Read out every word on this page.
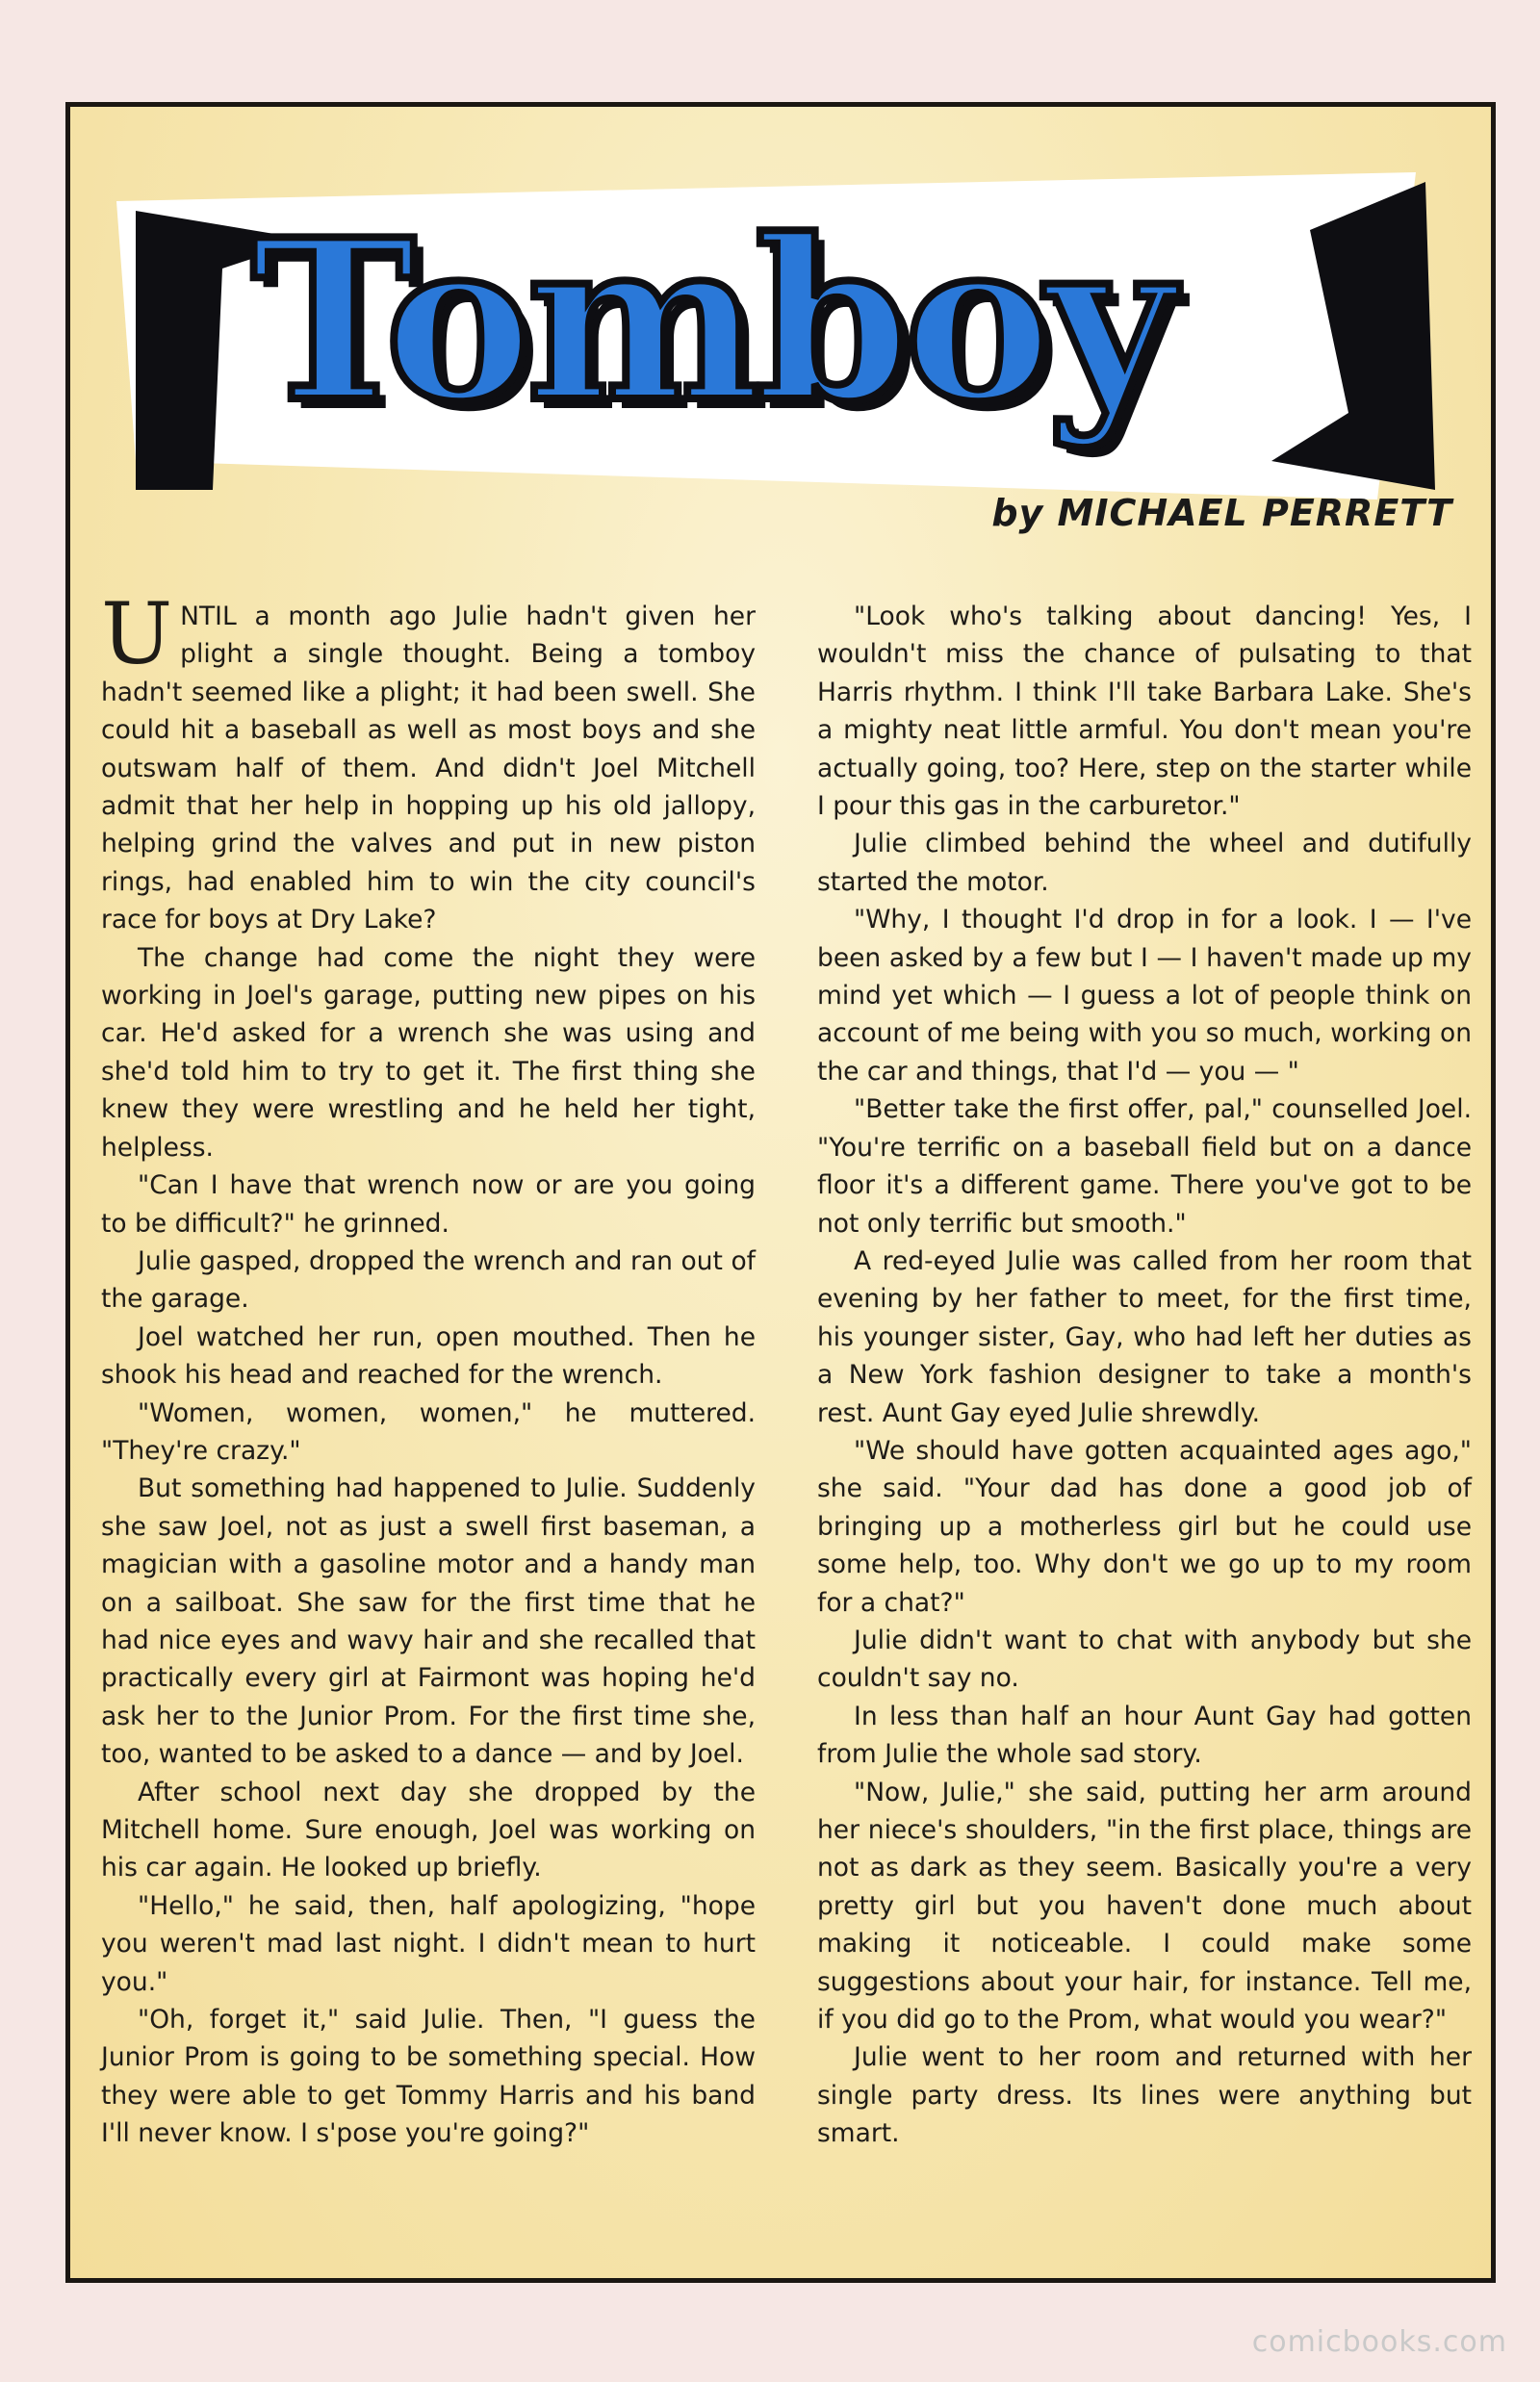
Tomboy
by MICHAEL PERRETT

UNTIL a month ago Julie hadn't given her plight a single thought. Being a tomboy hadn't seemed like a plight; it had been swell. She could hit a baseball as well as most boys and she outswam half of them. And didn't Joel Mitchell admit that her help in hopping up his old jallopy, helping grind the valves and put in new piston rings, had enabled him to win the city council's race for boys at Dry Lake?

The change had come the night they were working in Joel's garage, putting new pipes on his car. He'd asked for a wrench she was using and she'd told him to try to get it. The first thing she knew they were wrestling and he held her tight, helpless.

"Can I have that wrench now or are you going to be difficult?" he grinned.

Julie gasped, dropped the wrench and ran out of the garage.

Joel watched her run, open mouthed. Then he shook his head and reached for the wrench.

"Women, women, women," he muttered. "They're crazy."

But something had happened to Julie. Suddenly she saw Joel, not as just a swell first baseman, a magician with a gasoline motor and a handy man on a sailboat. She saw for the first time that he had nice eyes and wavy hair and she recalled that practically every girl at Fairmont was hoping he'd ask her to the Junior Prom. For the first time she, too, wanted to be asked to a dance — and by Joel.

After school next day she dropped by the Mitchell home. Sure enough, Joel was working on his car again. He looked up briefly.

"Hello," he said, then, half apologizing, "hope you weren't mad last night. I didn't mean to hurt you."

"Oh, forget it," said Julie. Then, "I guess the Junior Prom is going to be something special. How they were able to get Tommy Harris and his band I'll never know. I s'pose you're going?"

"Look who's talking about dancing! Yes, I wouldn't miss the chance of pulsating to that Harris rhythm. I think I'll take Barbara Lake. She's a mighty neat little armful. You don't mean you're actually going, too? Here, step on the starter while I pour this gas in the carburetor."

Julie climbed behind the wheel and dutifully started the motor.

"Why, I thought I'd drop in for a look. I — I've been asked by a few but I — I haven't made up my mind yet which — I guess a lot of people think on account of me being with you so much, working on the car and things, that I'd — you — "

"Better take the first offer, pal," counselled Joel. "You're terrific on a baseball field but on a dance floor it's a different game. There you've got to be not only terrific but smooth."

A red-eyed Julie was called from her room that evening by her father to meet, for the first time, his younger sister, Gay, who had left her duties as a New York fashion designer to take a month's rest. Aunt Gay eyed Julie shrewdly.

"We should have gotten acquainted ages ago," she said. "Your dad has done a good job of bringing up a motherless girl but he could use some help, too. Why don't we go up to my room for a chat?"

Julie didn't want to chat with anybody but she couldn't say no.

In less than half an hour Aunt Gay had gotten from Julie the whole sad story.

"Now, Julie," she said, putting her arm around her niece's shoulders, "in the first place, things are not as dark as they seem. Basically you're a very pretty girl but you haven't done much about making it noticeable. I could make some suggestions about your hair, for instance. Tell me, if you did go to the Prom, what would you wear?"

Julie went to her room and returned with her single party dress. Its lines were anything but smart.

comicbooks.com
